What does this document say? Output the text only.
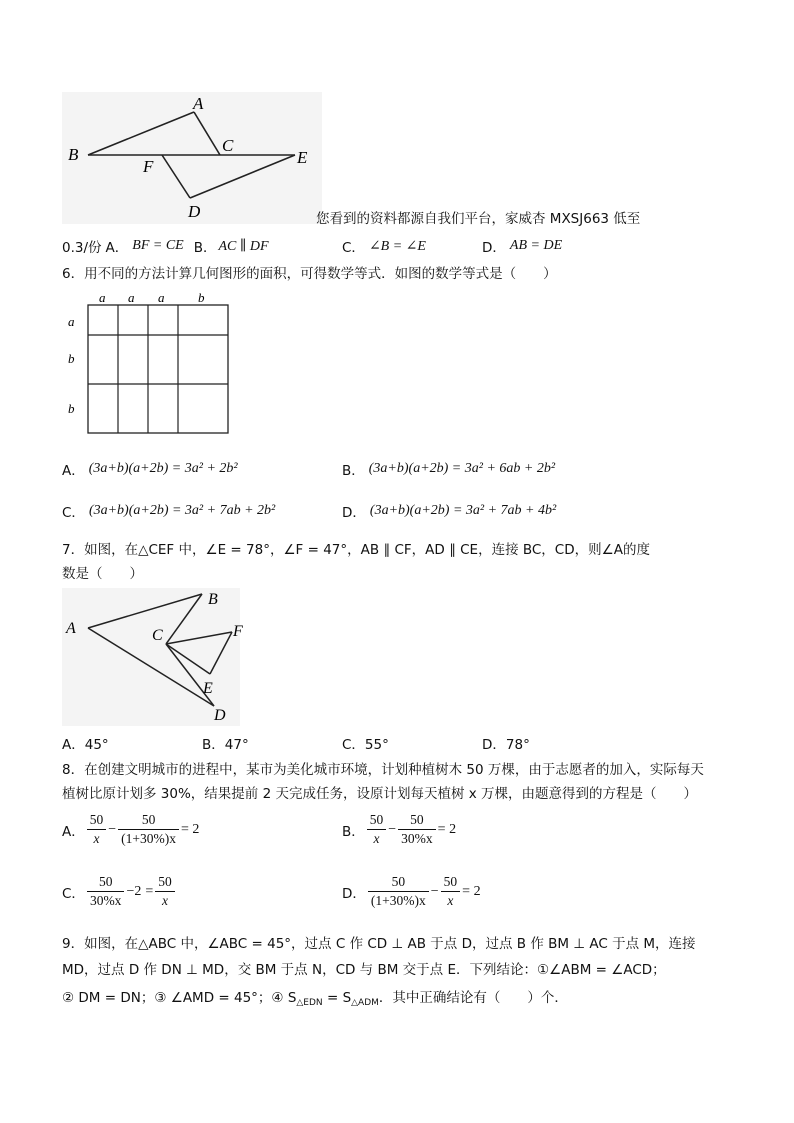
A
B	C
E
F
D	您看到的资料都源自我们平台，家威杏 MXSJ663 低至
0.3/份 A． BF = CE B． AC ∥ DF	C． ∠B = ∠E	D． AB = DE
6．用不同的方法计算几何图形的面积，可得数学等式．如图的数学等式是（　　）
a a a	b
a
b
b
A． (3a+b)(a+2b) = 3a² + 2b²	B． (3a+b)(a+2b) = 3a² + 6ab + 2b²
C． (3a+b)(a+2b) = 3a² + 7ab + 2b²	D． (3a+b)(a+2b) = 3a² + 7ab + 4b²
7．如图，在△CEF 中，∠E = 78°，∠F = 47°，AB ∥ CF，AD ∥ CE，连接 BC，CD，则∠A的度
数是（　　）
A
B
C	F
E
D
A．45°	B．47°	C．55°	D．78°
8．在创建文明城市的进程中，某市为美化城市环境，计划种植树木 50 万棵，由于志愿者的加入，实际每天
植树比原计划多 30%，结果提前 2 天完成任务，设原计划每天植树 x 万棵，由题意得到的方程是（　　）
A． $\frac{50}{x} - \frac{50}{(1+30\%)x} = 2$	B． $\frac{50}{x} - \frac{50}{30\%x} = 2$
C． $\frac{50}{30\%x} -2 = \frac{50}{x}$	D． $\frac{50}{(1+30\%)x} - \frac{50}{x} = 2$
9．如图，在△ABC 中，∠ABC = 45°，过点 C 作 CD ⊥ AB 于点 D，过点 B 作 BM ⊥ AC 于点 M，连接
MD，过点 D 作 DN ⊥ MD，交 BM 于点 N，CD 与 BM 交于点 E．下列结论：①∠ABM = ∠ACD；
② DM = DN；③ ∠AMD = 45°；④ $S_{\triangle EDN} = S_{\triangle ADM}$．其中正确结论有（　　）个．
